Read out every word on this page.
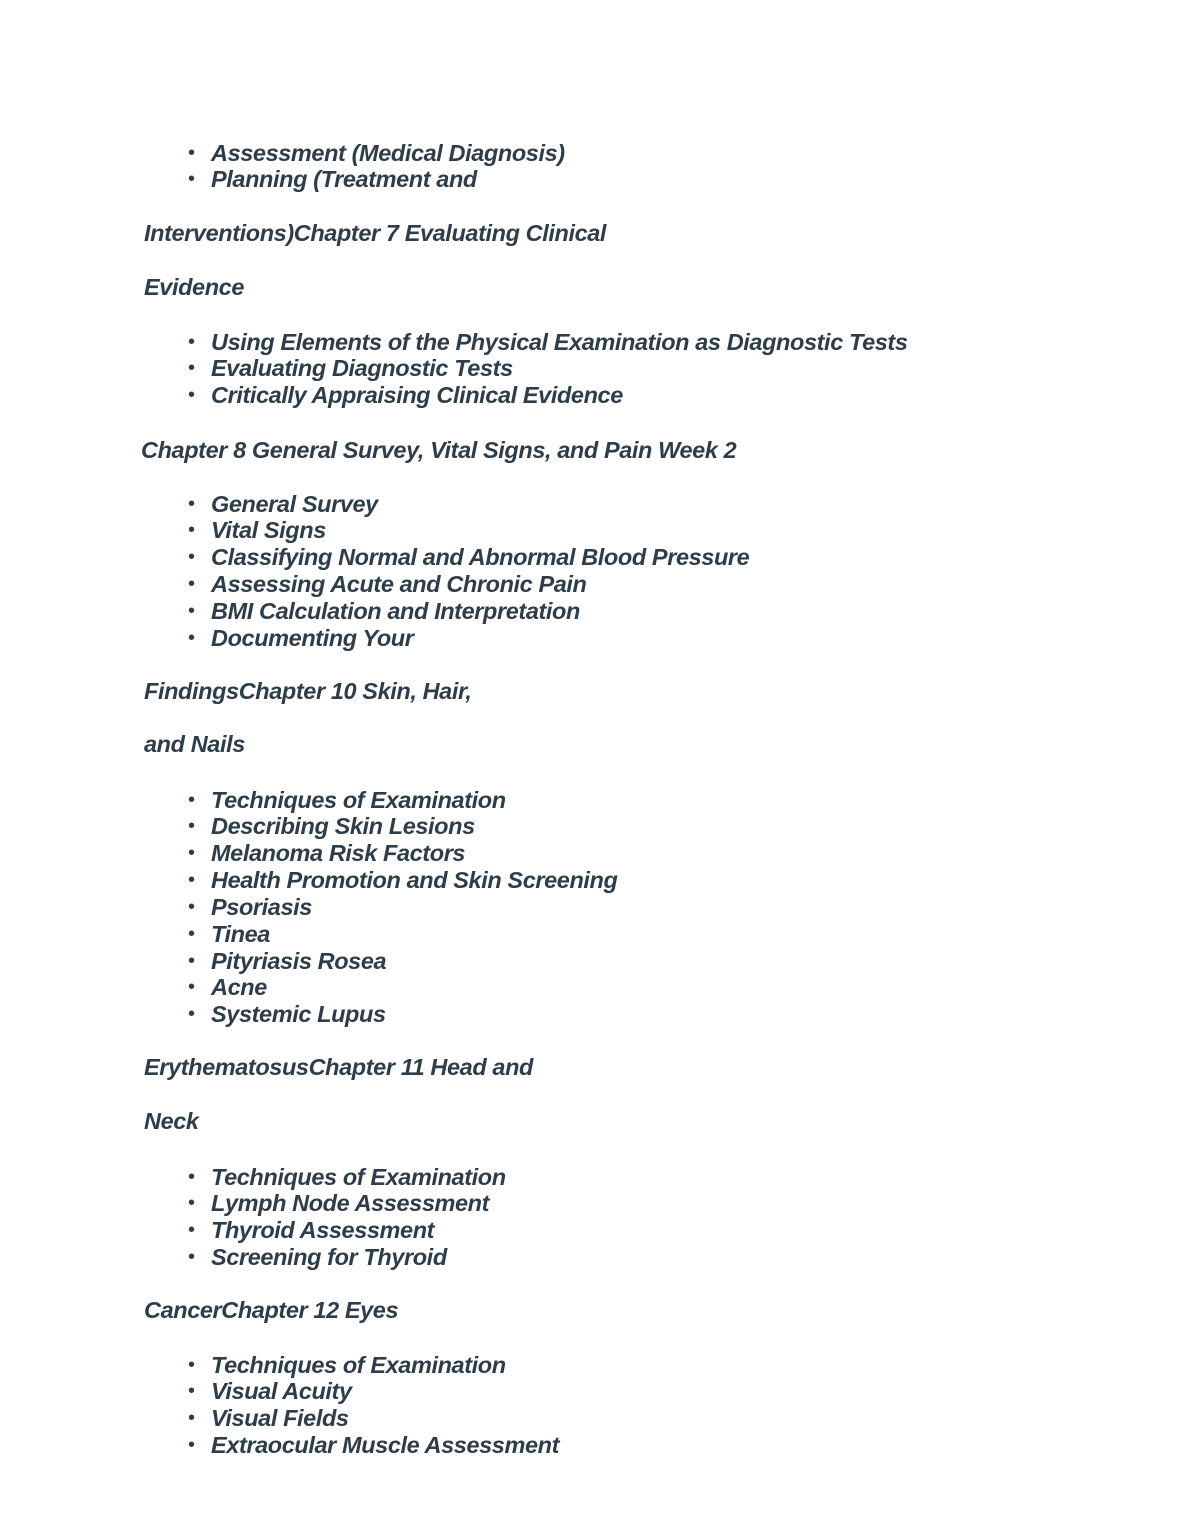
• Assessment (Medical Diagnosis)
• Planning (Treatment and

Interventions)Chapter 7 Evaluating Clinical

Evidence

• Using Elements of the Physical Examination as Diagnostic Tests
• Evaluating Diagnostic Tests
• Critically Appraising Clinical Evidence

Chapter 8 General Survey, Vital Signs, and Pain Week 2

• General Survey
• Vital Signs
• Classifying Normal and Abnormal Blood Pressure
• Assessing Acute and Chronic Pain
• BMI Calculation and Interpretation
• Documenting Your

FindingsChapter 10 Skin, Hair,

and Nails

• Techniques of Examination
• Describing Skin Lesions
• Melanoma Risk Factors
• Health Promotion and Skin Screening
• Psoriasis
• Tinea
• Pityriasis Rosea
• Acne
• Systemic Lupus

ErythematosusChapter 11 Head and

Neck

• Techniques of Examination
• Lymph Node Assessment
• Thyroid Assessment
• Screening for Thyroid

CancerChapter 12 Eyes

• Techniques of Examination
• Visual Acuity
• Visual Fields
• Extraocular Muscle Assessment
